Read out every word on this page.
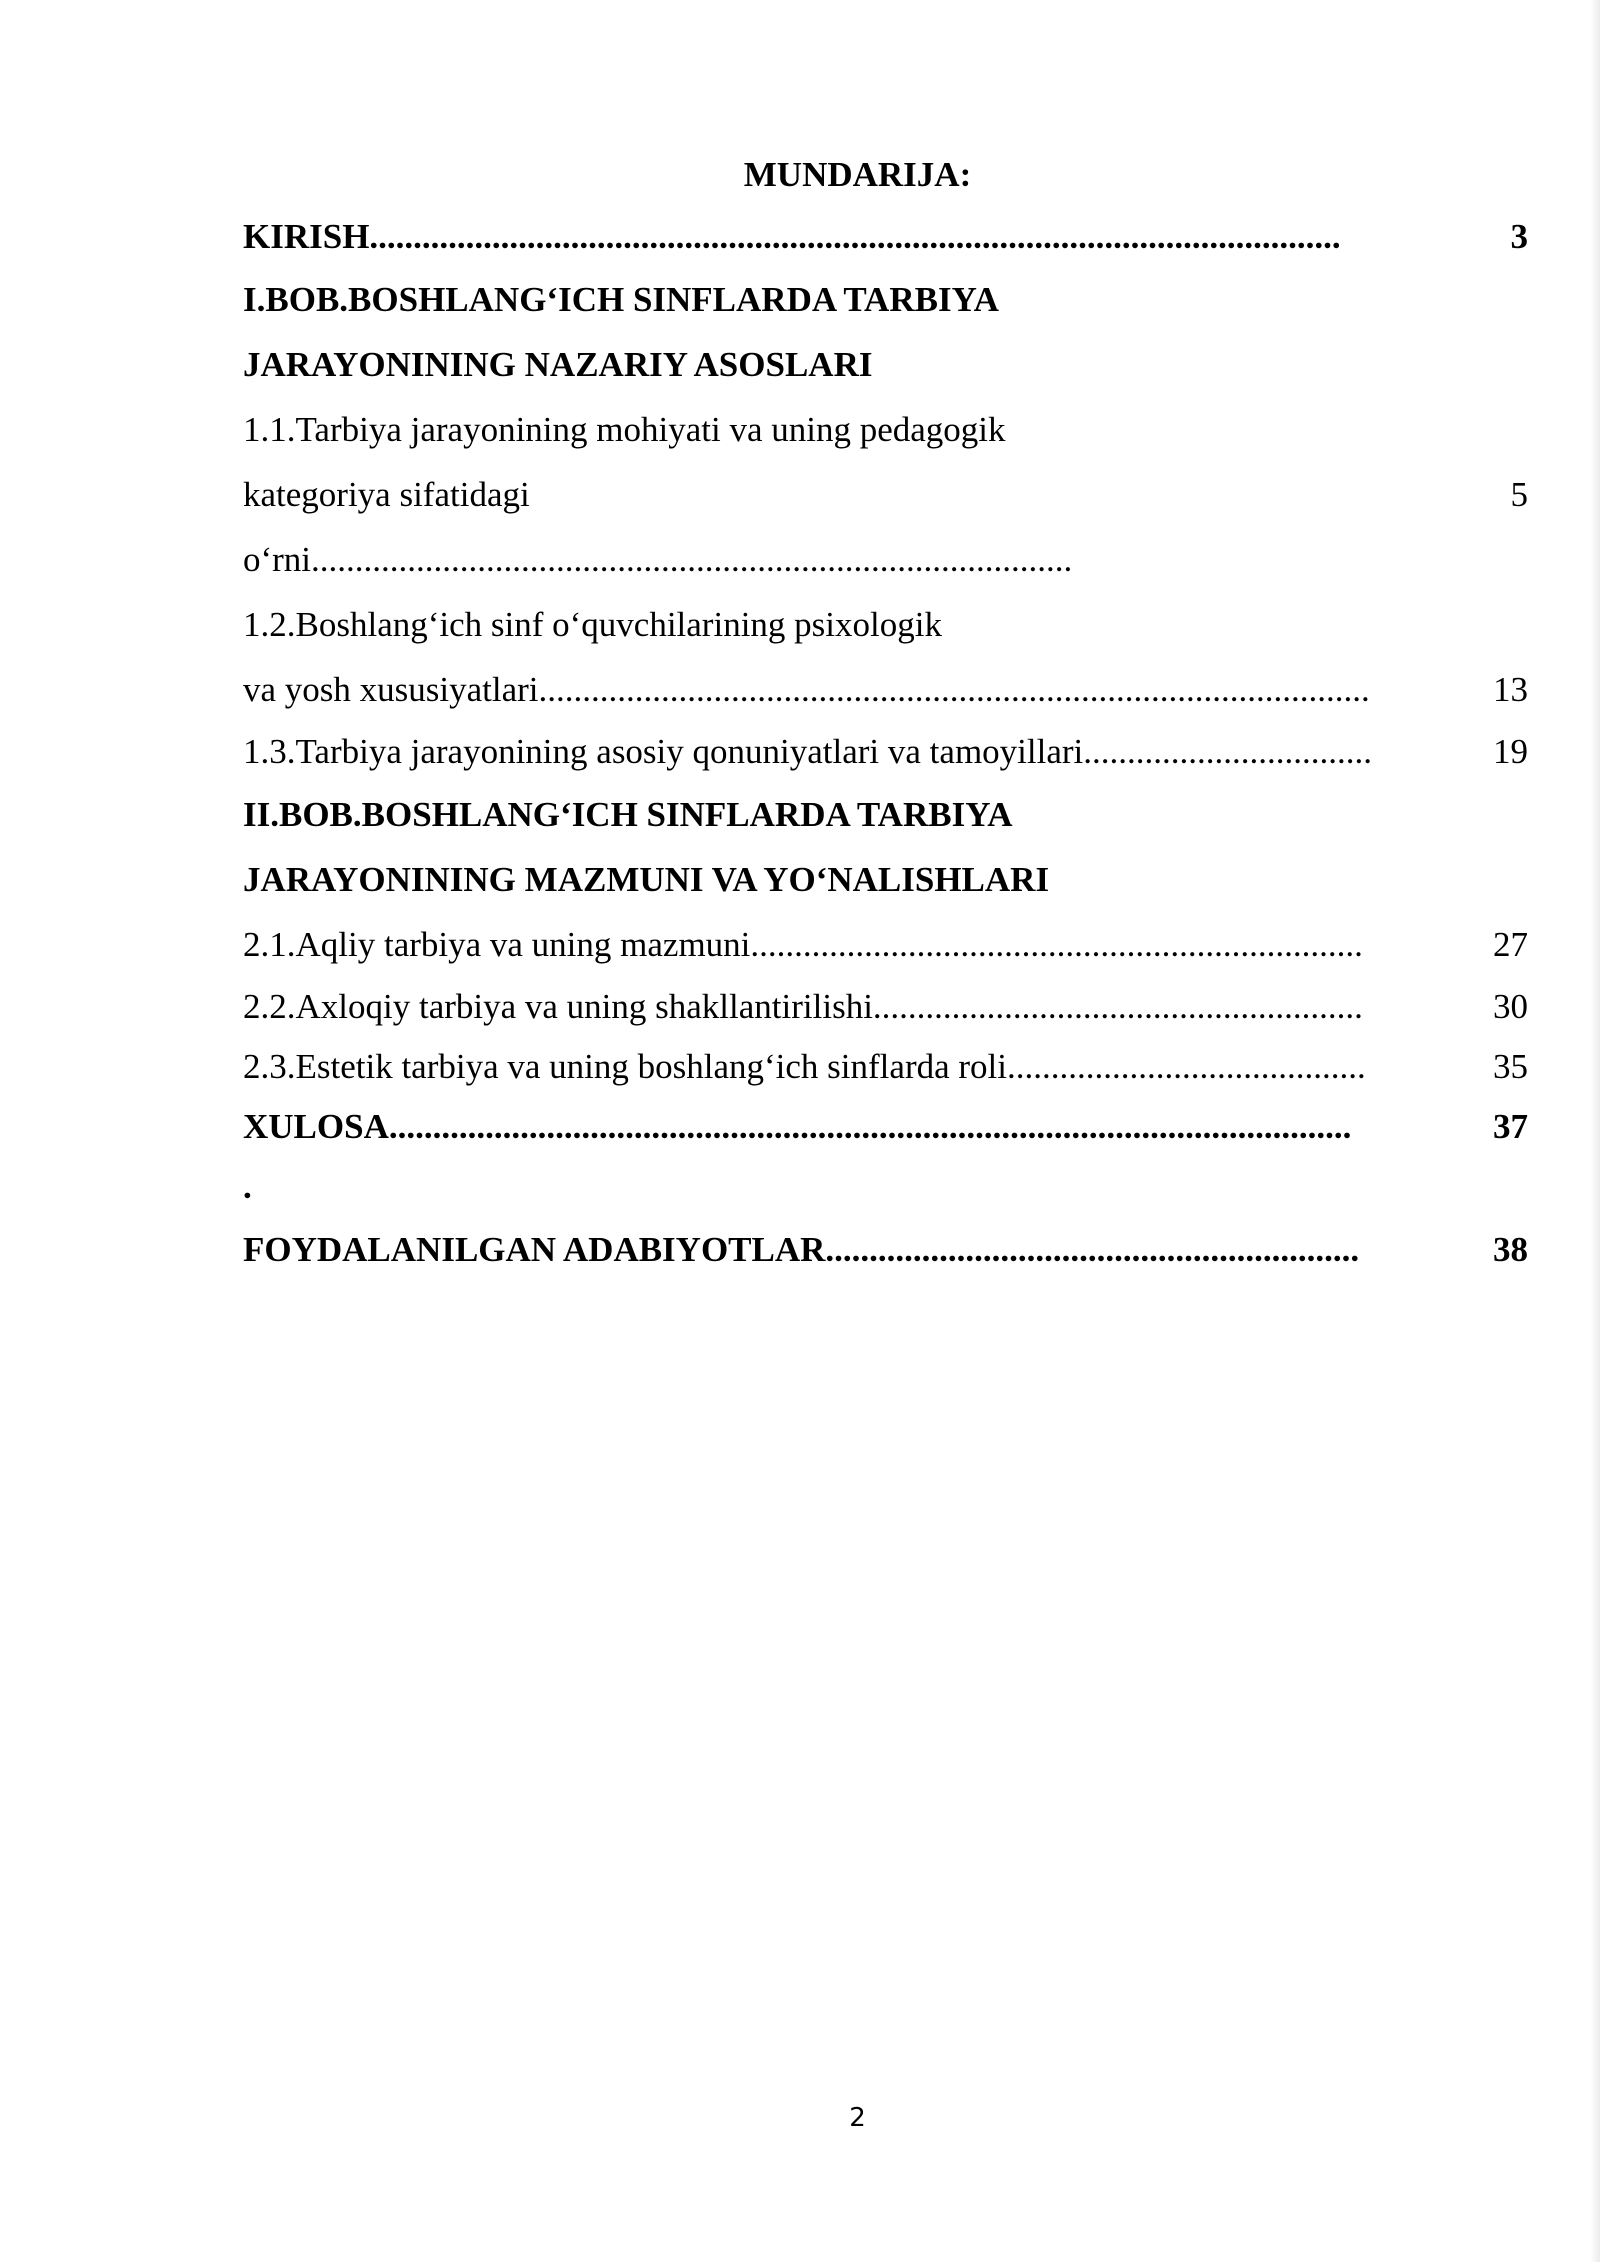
MUNDARIJA:
KIRISH...............................................................................................................	3
I.BOB.BOSHLANG‘ICH SINFLARDA TARBIYA
JARAYONINING NAZARIY ASOSLARI
1.1.Tarbiya jarayonining mohiyati va uning pedagogik
kategoriya sifatidagi	5
o‘rni.......................................................................................
1.2.Boshlang‘ich sinf o‘quvchilarining psixologik
va yosh xususiyatlari...............................................................................................	13
1.3.Tarbiya jarayonining asosiy qonuniyatlari va tamoyillari.................................	19
II.BOB.BOSHLANG‘ICH SINFLARDA TARBIYA
JARAYONINING MAZMUNI VA YO‘NALISHLARI
2.1.Aqliy tarbiya va uning mazmuni......................................................................	27
2.2.Axloqiy tarbiya va uning shakllantirilishi........................................................	30
2.3.Estetik tarbiya va uning boshlang‘ich sinflarda roli.........................................	35
XULOSA..............................................................................................................	37
.
FOYDALANILGAN ADABIYOTLAR.............................................................	38
2
